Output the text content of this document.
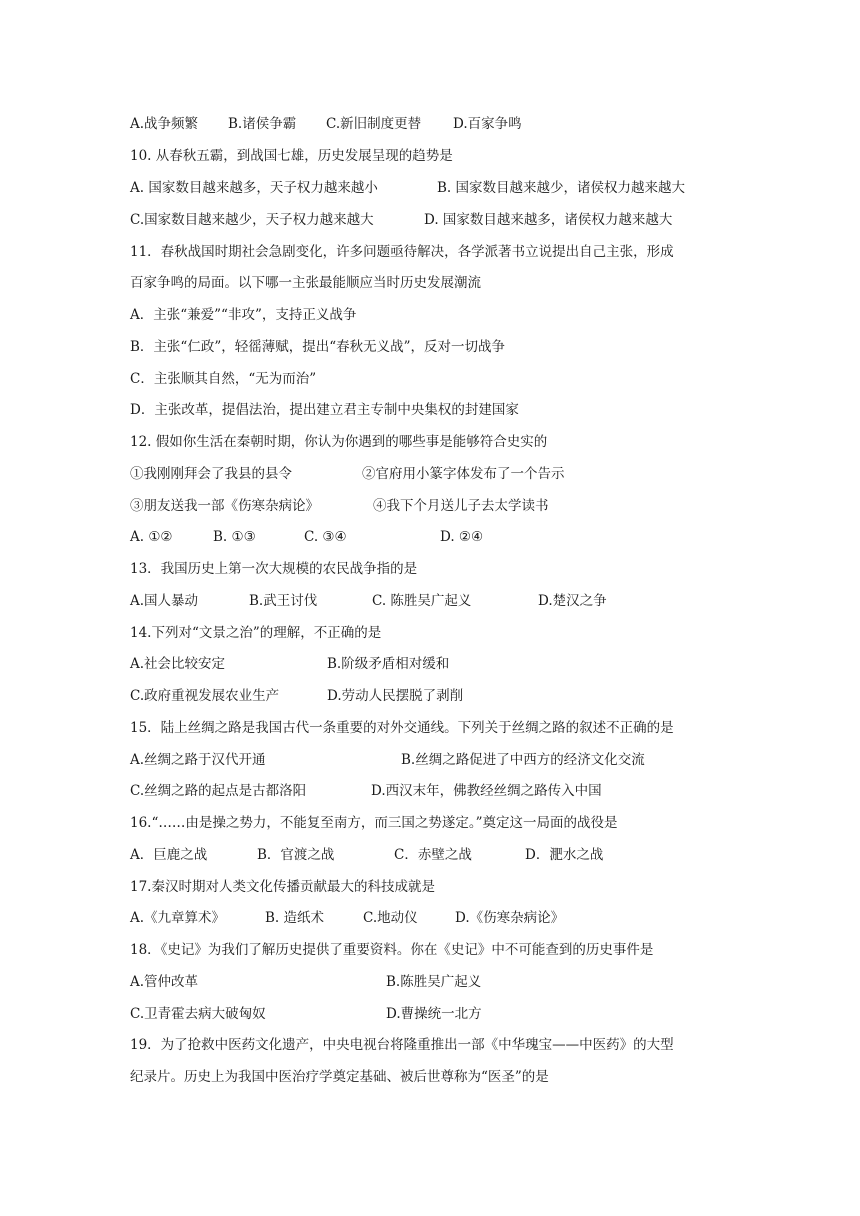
A.战争频繁 B.诸侯争霸 C.新旧制度更替 D.百家争鸣
10. 从春秋五霸，到战国七雄，历史发展呈现的趋势是
A. 国家数目越来越多，天子权力越来越小	B. 国家数目越来越少，诸侯权力越来越大
C.国家数目越来越少，天子权力越来越大	D. 国家数目越来越多，诸侯权力越来越大
11．春秋战国时期社会急剧变化，许多问题亟待解决，各学派著书立说提出自己主张，形成
百家争鸣的局面。以下哪一主张最能顺应当时历史发展潮流
A．主张“兼爱”“非攻”，支持正义战争
B．主张“仁政”，轻徭薄赋，提出“春秋无义战”，反对一切战争
C．主张顺其自然，“无为而治”
D．主张改革，提倡法治，提出建立君主专制中央集权的封建国家
12. 假如你生活在秦朝时期，你认为你遇到的哪些事是能够符合史实的
①我刚刚拜会了我县的县令	②官府用小篆字体发布了一个告示
③朋友送我一部《伤寒杂病论》	④我下个月送儿子去太学读书
A. ①②	B. ①③	C. ③④	D. ②④
13．我国历史上第一次大规模的农民战争指的是
A.国人暴动	B.武王讨伐	C. 陈胜吴广起义	D.楚汉之争
14.下列对“文景之治”的理解，不正确的是
A.社会比较安定	B.阶级矛盾相对缓和
C.政府重视发展农业生产	D.劳动人民摆脱了剥削
15．陆上丝绸之路是我国古代一条重要的对外交通线。下列关于丝绸之路的叙述不正确的是
A.丝绸之路于汉代开通	B.丝绸之路促进了中西方的经济文化交流
C.丝绸之路的起点是古都洛阳	D.西汉末年，佛教经丝绸之路传入中国
16.“……由是操之势力，不能复至南方，而三国之势遂定。”奠定这一局面的战役是
A．巨鹿之战	B．官渡之战	C．赤壁之战	D．淝水之战
17.秦汉时期对人类文化传播贡献最大的科技成就是
A.《九章算术》	B. 造纸术	C.地动仪	D.《伤寒杂病论》
18．《史记》为我们了解历史提供了重要资料。你在《史记》中不可能查到的历史事件是
A.管仲改革	B.陈胜吴广起义
C.卫青霍去病大破匈奴	D.曹操统一北方
19．为了抢救中医药文化遗产，中央电视台将隆重推出一部《中华瑰宝——中医药》的大型
纪录片。历史上为我国中医治疗学奠定基础、被后世尊称为“医圣”的是
